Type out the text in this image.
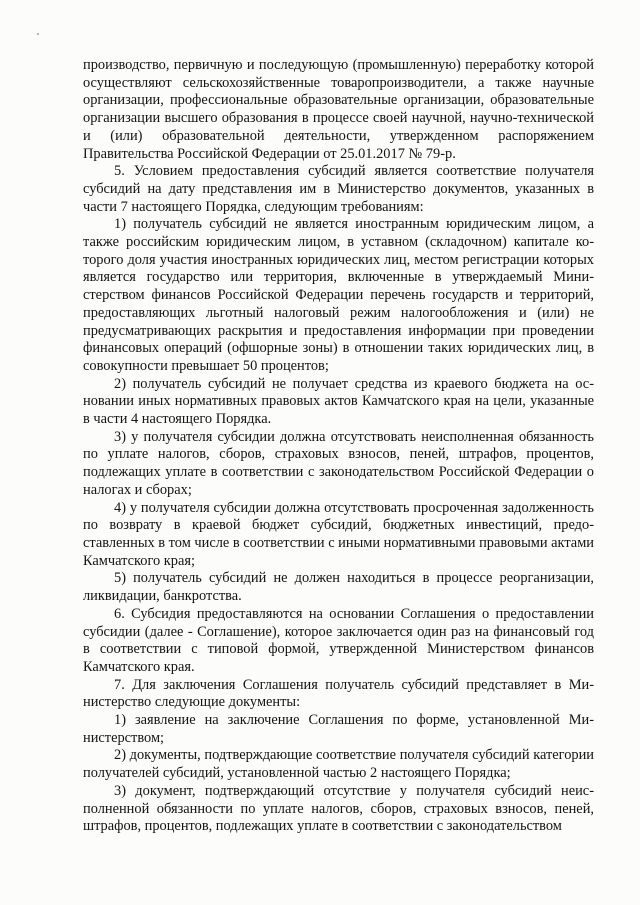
производство, первичную и последующую (промышленную) переработку которой осуществляют сельскохозяйственные товаропроизводители, а также научные организации, профессиональные образовательные организации, образовательные организации высшего образования в процессе своей научной, научно-технической и (или) образовательной деятельности, утвержденном распоряжением Правительства Российской Федерации от 25.01.2017 № 79-р.

5. Условием предоставления субсидий является соответствие получателя субсидий на дату представления им в Министерство документов, указанных в части 7 настоящего Порядка, следующим требованиям:

1) получатель субсидий не является иностранным юридическим лицом, а также российским юридическим лицом, в уставном (складочном) капитале которого доля участия иностранных юридических лиц, местом регистрации которых является государство или территория, включенные в утверждаемый Министерством финансов Российской Федерации перечень государств и территорий, предоставляющих льготный налоговый режим налогообложения и (или) не предусматривающих раскрытия и предоставления информации при проведении финансовых операций (офшорные зоны) в отношении таких юридических лиц, в совокупности превышает 50 процентов;

2) получатель субсидий не получает средства из краевого бюджета на основании иных нормативных правовых актов Камчатского края на цели, указанные в части 4 настоящего Порядка.

3) у получателя субсидии должна отсутствовать неисполненная обязанность по уплате налогов, сборов, страховых взносов, пеней, штрафов, процентов, подлежащих уплате в соответствии с законодательством Российской Федерации о налогах и сборах;

4) у получателя субсидии должна отсутствовать просроченная задолженность по возврату в краевой бюджет субсидий, бюджетных инвестиций, предоставленных в том числе в соответствии с иными нормативными правовыми актами Камчатского края;

5) получатель субсидий не должен находиться в процессе реорганизации, ликвидации, банкротства.

6. Субсидия предоставляются на основании Соглашения о предоставлении субсидии (далее - Соглашение), которое заключается один раз на финансовый год в соответствии с типовой формой, утвержденной Министерством финансов Камчатского края.

7. Для заключения Соглашения получатель субсидий представляет в Министерство следующие документы:

1) заявление на заключение Соглашения по форме, установленной Министерством;

2) документы, подтверждающие соответствие получателя субсидий категории получателей субсидий, установленной частью 2 настоящего Порядка;

3) документ, подтверждающий отсутствие у получателя субсидий неисполненной обязанности по уплате налогов, сборов, страховых взносов, пеней, штрафов, процентов, подлежащих уплате в соответствии с законодательством
